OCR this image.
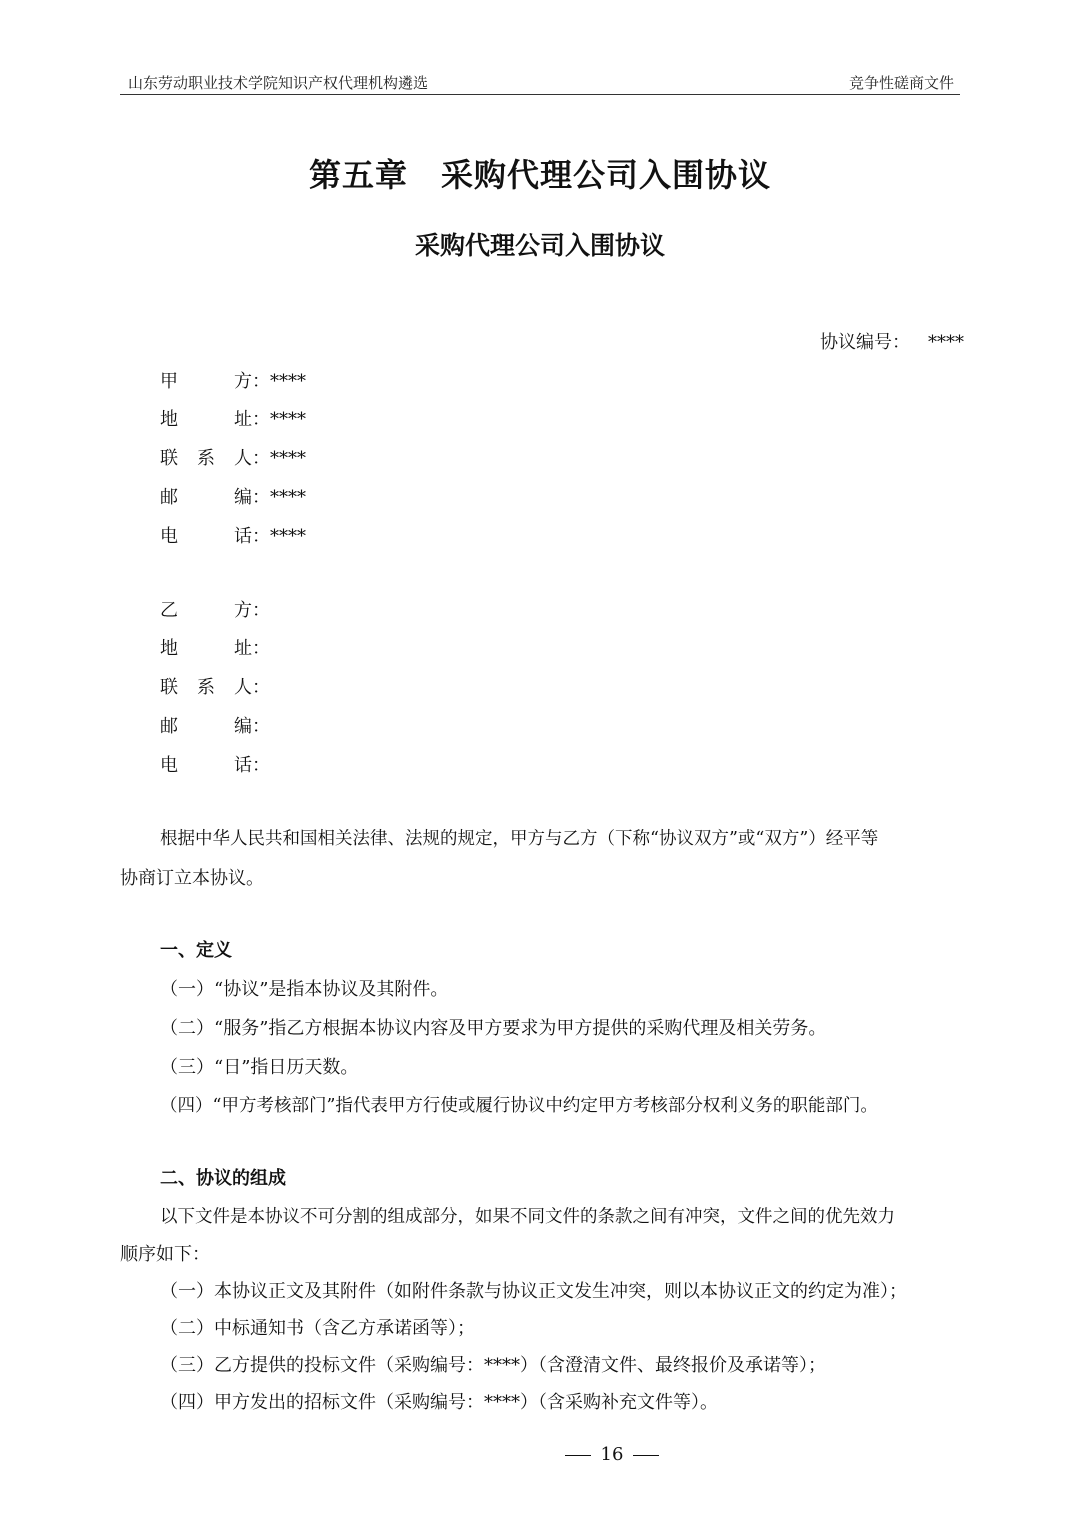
山东劳动职业技术学院知识产权代理机构遴选	竞争性磋商文件
第五章　采购代理公司入围协议
采购代理公司入围协议
协议编号： ****
甲方：****
地址：****
联系人：****
邮编：****
电话：****
乙方：
地址：
联系人：
邮编：
电话：
根据中华人民共和国相关法律、法规的规定，甲方与乙方（下称“协议双方”或“双方”）经平等
协商订立本协议。
一、定义
（一）“协议”是指本协议及其附件。
（二）“服务”指乙方根据本协议内容及甲方要求为甲方提供的采购代理及相关劳务。
（三）“日”指日历天数。
（四）“甲方考核部门”指代表甲方行使或履行协议中约定甲方考核部分权利义务的职能部门。
二、协议的组成
以下文件是本协议不可分割的组成部分，如果不同文件的条款之间有冲突，文件之间的优先效力
顺序如下：
（一）本协议正文及其附件（如附件条款与协议正文发生冲突，则以本协议正文的约定为准）；
（二）中标通知书（含乙方承诺函等）；
（三）乙方提供的投标文件（采购编号：****）（含澄清文件、最终报价及承诺等）；
（四）甲方发出的招标文件（采购编号：****）（含采购补充文件等）。
16
